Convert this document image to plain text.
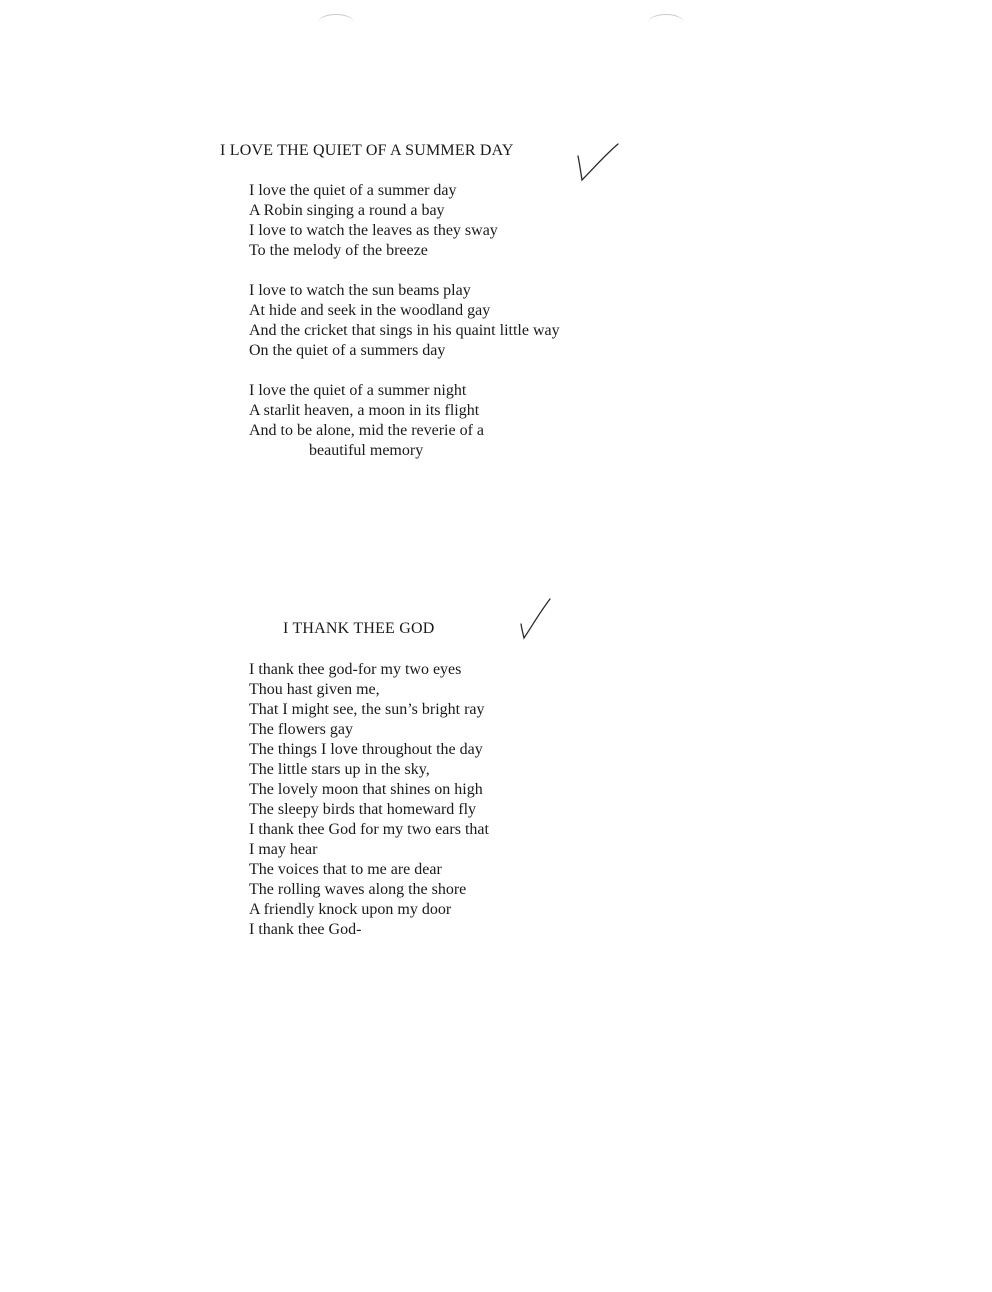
I LOVE THE QUIET OF A SUMMER DAY
I love the quiet of a summer day
A Robin singing a round a bay
I love to watch the leaves as they sway
To the melody of the breeze
I love to watch the sun beams play
At hide and seek in the woodland gay
And the cricket that sings in his quaint little way
On the quiet of a summers day
I love the quiet of a summer night
A starlit heaven, a moon in its flight
And to be alone, mid the reverie of a
beautiful memory
I THANK THEE GOD
I thank thee god-for my two eyes
Thou hast given me,
That I might see, the sun’s bright ray
The flowers gay
The things I love throughout the day
The little stars up in the sky,
The lovely moon that shines on high
The sleepy birds that homeward fly
I thank thee God for my two ears that
I may hear
The voices that to me are dear
The rolling waves along the shore
A friendly knock upon my door
I thank thee God-
